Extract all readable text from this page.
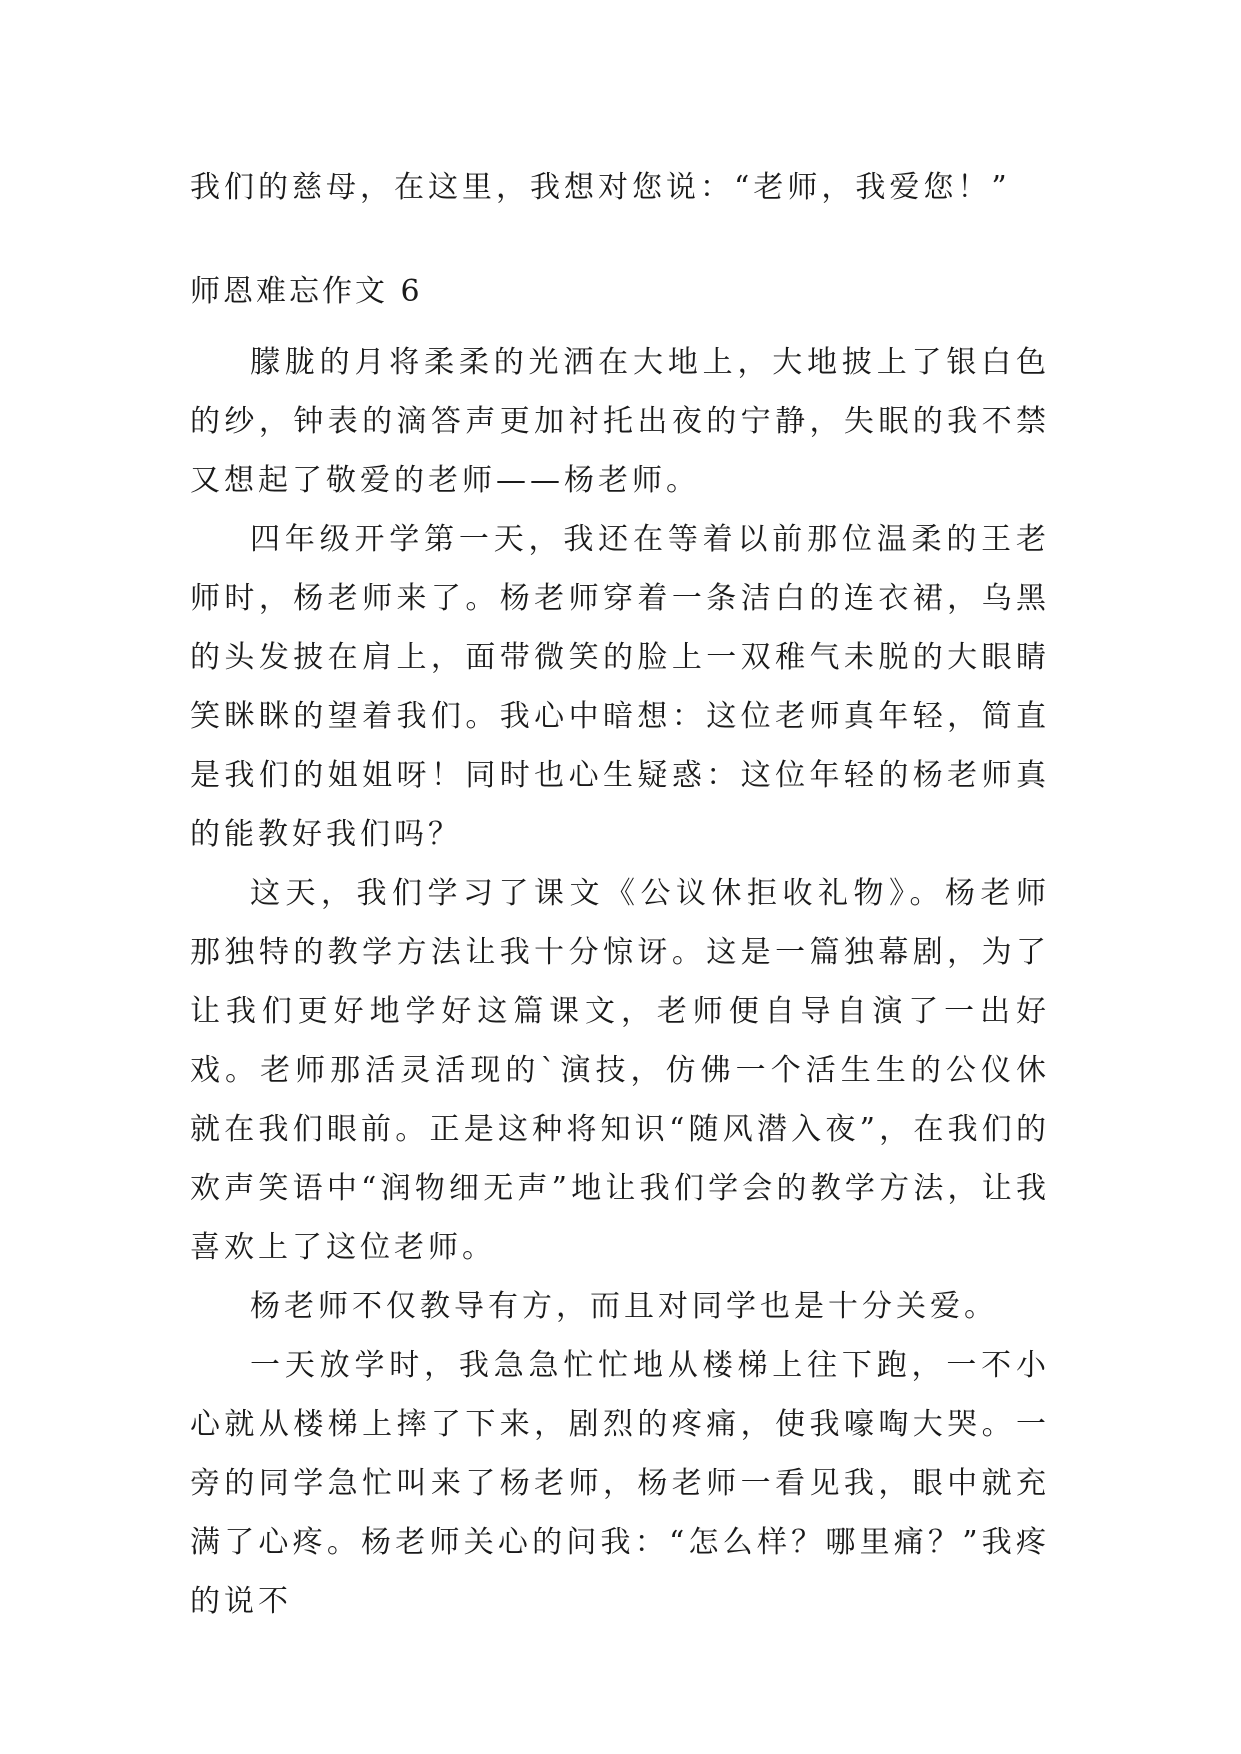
我们的慈母，在这里，我想对您说：“老师，我爱您！”
师恩难忘作文 6

朦胧的月将柔柔的光洒在大地上，大地披上了银白色的纱，钟表的滴答声更加衬托出夜的宁静，失眠的我不禁又想起了敬爱的老师——杨老师。

四年级开学第一天，我还在等着以前那位温柔的王老师时，杨老师来了。杨老师穿着一条洁白的连衣裙，乌黑的头发披在肩上，面带微笑的脸上一双稚气未脱的大眼睛笑眯眯的望着我们。我心中暗想：这位老师真年轻，简直是我们的姐姐呀！同时也心生疑惑：这位年轻的杨老师真的能教好我们吗？

这天，我们学习了课文《公议休拒收礼物》。杨老师那独特的教学方法让我十分惊讶。这是一篇独幕剧，为了让我们更好地学好这篇课文，老师便自导自演了一出好戏。老师那活灵活现的`演技，仿佛一个活生生的公仪休就在我们眼前。正是这种将知识“随风潜入夜”，在我们的欢声笑语中“润物细无声”地让我们学会的教学方法，让我喜欢上了这位老师。

杨老师不仅教导有方，而且对同学也是十分关爱。

一天放学时，我急急忙忙地从楼梯上往下跑，一不小心就从楼梯上摔了下来，剧烈的疼痛，使我嚎啕大哭。一旁的同学急忙叫来了杨老师，杨老师一看见我，眼中就充满了心疼。杨老师关心的问我：“怎么样？哪里痛？”我疼的说不
